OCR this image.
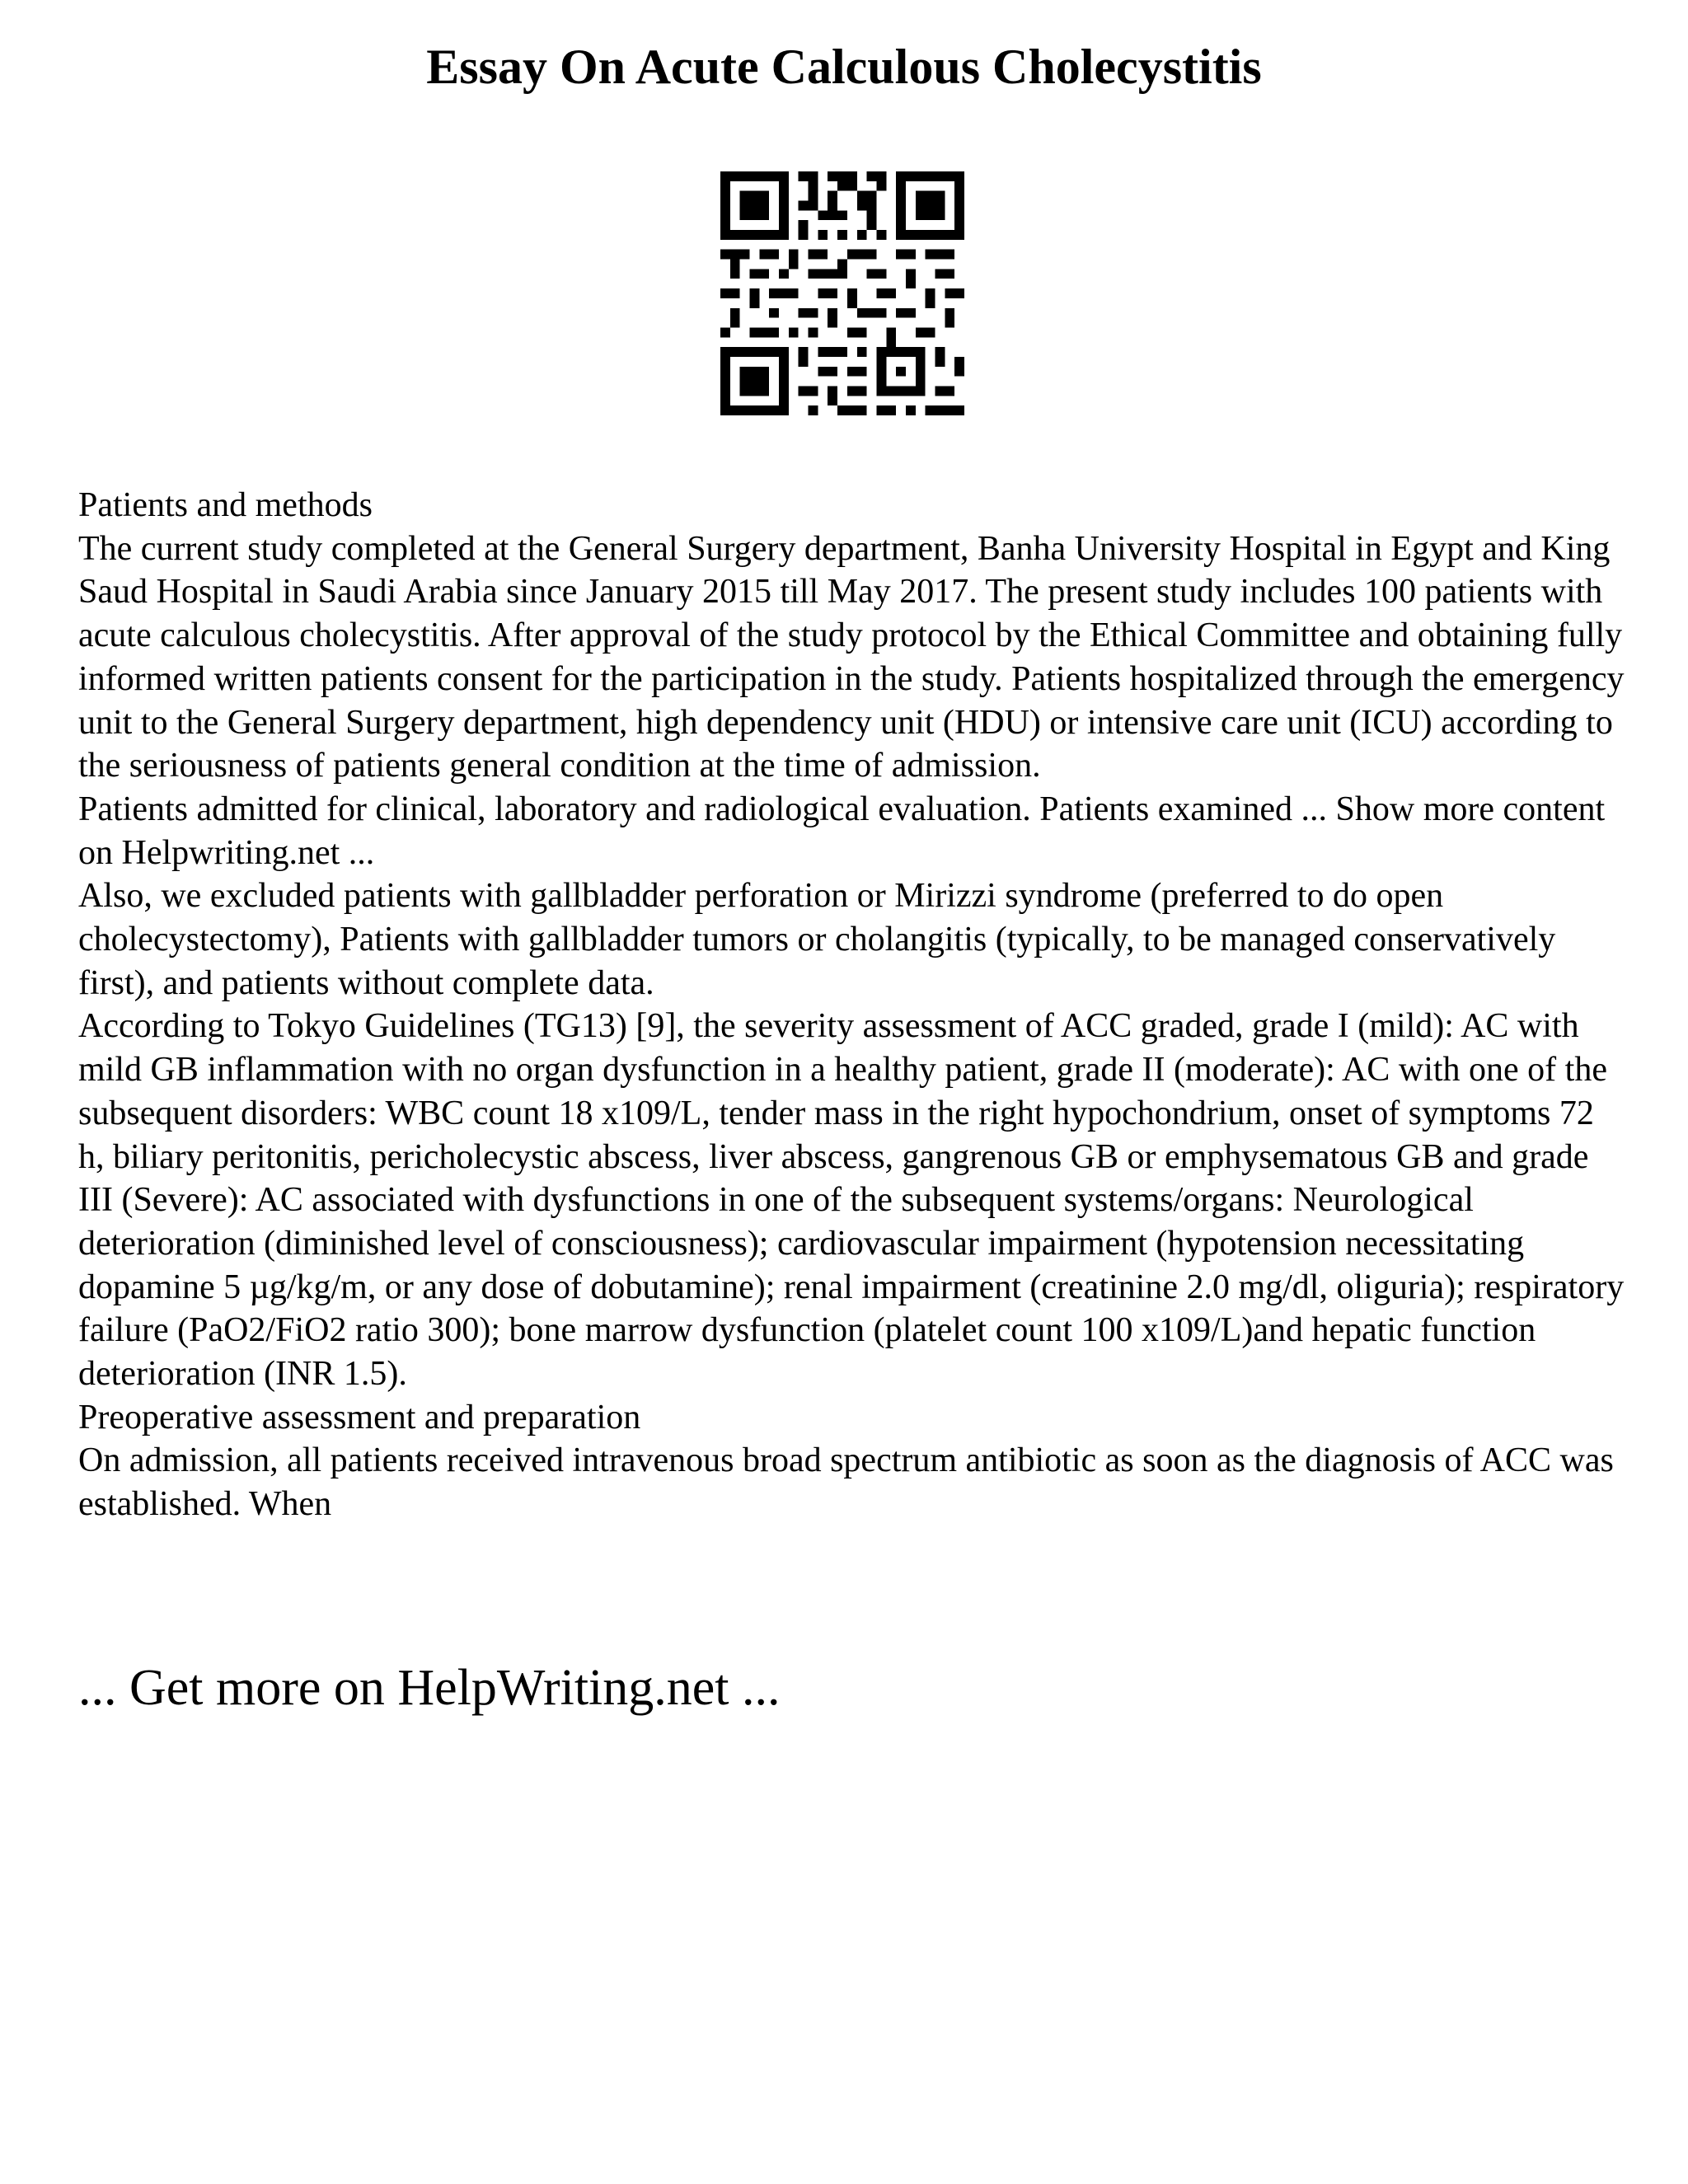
Essay On Acute Calculous Cholecystitis

Patients and methods

The current study completed at the General Surgery department, Banha University Hospital in Egypt and King Saud Hospital in Saudi Arabia since January 2015 till May 2017. The present study includes 100 patients with acute calculous cholecystitis. After approval of the study protocol by the Ethical Committee and obtaining fully informed written patients consent for the participation in the study. Patients hospitalized through the emergency unit to the General Surgery department, high dependency unit (HDU) or intensive care unit (ICU) according to the seriousness of patients general condition at the time of admission.

Patients admitted for clinical, laboratory and radiological evaluation. Patients examined ... Show more content on Helpwriting.net ...

Also, we excluded patients with gallbladder perforation or Mirizzi syndrome (preferred to do open cholecystectomy), Patients with gallbladder tumors or cholangitis (typically, to be managed conservatively first), and patients without complete data.

According to Tokyo Guidelines (TG13) [9], the severity assessment of ACC graded, grade I (mild): AC with mild GB inflammation with no organ dysfunction in a healthy patient, grade II (moderate): AC with one of the subsequent disorders: WBC count 18 x109/L, tender mass in the right hypochondrium, onset of symptoms 72 h, biliary peritonitis, pericholecystic abscess, liver abscess, gangrenous GB or emphysematous GB and grade III (Severe): AC associated with dysfunctions in one of the subsequent systems/organs: Neurological deterioration (diminished level of consciousness); cardiovascular impairment (hypotension necessitating dopamine 5 µg/kg/m, or any dose of dobutamine); renal impairment (creatinine 2.0 mg/dl, oliguria); respiratory failure (PaO2/FiO2 ratio 300); bone marrow dysfunction (platelet count 100 x109/L)and hepatic function deterioration (INR 1.5).

Preoperative assessment and preparation

On admission, all patients received intravenous broad spectrum antibiotic as soon as the diagnosis of ACC was established. When

... Get more on HelpWriting.net ...
